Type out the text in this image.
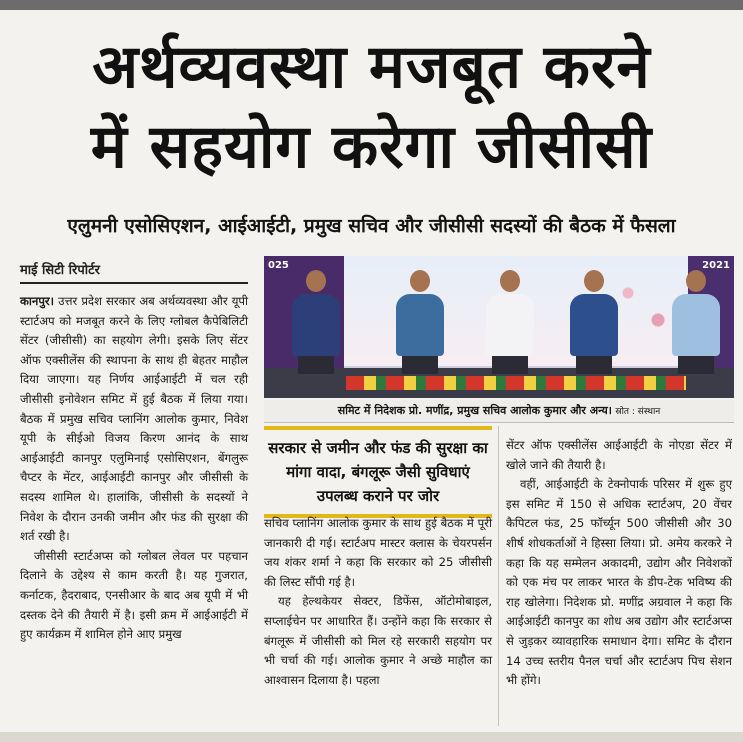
अर्थव्यवस्था मजबूत करने
में सहयोग करेगा जीसीसी
एलुमनी एसोसिएशन, आईआईटी, प्रमुख सचिव और जीसीसी सदस्यों की बैठक में फैसला
माई सिटी रिपोर्टर

कानपुर। उत्तर प्रदेश सरकार अब अर्थव्यवस्था और यूपी स्टार्टअप को मजबूत करने के लिए ग्लोबल कैपेबिलिटी सेंटर (जीसीसी) का सहयोग लेगी। इसके लिए सेंटर ऑफ एक्सीलेंस की स्थापना के साथ ही बेहतर माहौल दिया जाएगा। यह निर्णय आईआईटी में चल रही जीसीसी इनोवेशन समिट में हुई बैठक में लिया गया। बैठक में प्रमुख सचिव प्लानिंग आलोक कुमार, निवेश यूपी के सीईओ विजय किरण आनंद के साथ आईआईटी कानपुर एलुमिनाई एसोसिएशन, बेंगलुरू चैप्टर के मेंटर, आईआईटी कानपुर और जीसीसी के सदस्य शामिल थे। हालांकि, जीसीसी के सदस्यों ने निवेश के दौरान उनकी जमीन और फंड की सुरक्षा की शर्त रखी है।

जीसीसी स्टार्टअप्स को ग्लोबल लेवल पर पहचान दिलाने के उद्देश्य से काम करती है। यह गुजरात, कर्नाटक, हैदराबाद, एनसीआर के बाद अब यूपी में भी दस्तक देने की तैयारी में है। इसी क्रम में आईआईटी में हुए कार्यक्रम में शामिल होने आए प्रमुख

025	2021
समिट में निदेशक प्रो. मणींद्र, प्रमुख सचिव आलोक कुमार और अन्य। स्रोत : संस्थान
सरकार से जमीन और फंड की सुरक्षा का मांगा वादा, बंगलूरू जैसी सुविधाएं उपलब्ध कराने पर जोर

सचिव प्लानिंग आलोक कुमार के साथ हुई बैठक में पूरी जानकारी दी गई। स्टार्टअप मास्टर क्लास के चेयरपर्सन जय शंकर शर्मा ने कहा कि सरकार को 25 जीसीसी की लिस्ट सौंपी गई है।

यह हेल्थकेयर सेक्टर, डिफेंस, ऑटोमोबाइल, सप्लाईचेन पर आधारित हैं। उन्होंने कहा कि सरकार से बंगलूरू में जीसीसी को मिल रहे सरकारी सहयोग पर भी चर्चा की गई। आलोक कुमार ने अच्छे माहौल का आश्वासन दिलाया है। पहला

सेंटर ऑफ एक्सीलेंस आईआईटी के नोएडा सेंटर में खोले जाने की तैयारी है।

वहीं, आईआईटी के टेक्नोपार्क परिसर में शुरू हुए इस समिट में 150 से अधिक स्टार्टअप, 20 वेंचर कैपिटल फंड, 25 फॉर्च्यून 500 जीसीसी और 30 शीर्ष शोधकर्ताओं ने हिस्सा लिया। प्रो. अमेय करकरे ने कहा कि यह सम्मेलन अकादमी, उद्योग और निवेशकों को एक मंच पर लाकर भारत के डीप-टेक भविष्य की राह खोलेगा। निदेशक प्रो. मणींद्र अग्रवाल ने कहा कि आईआईटी कानपुर का शोध अब उद्योग और स्टार्टअप्स से जुड़कर व्यावहारिक समाधान देगा। समिट के दौरान 14 उच्च स्तरीय पैनल चर्चा और स्टार्टअप पिच सेशन भी होंगे।
